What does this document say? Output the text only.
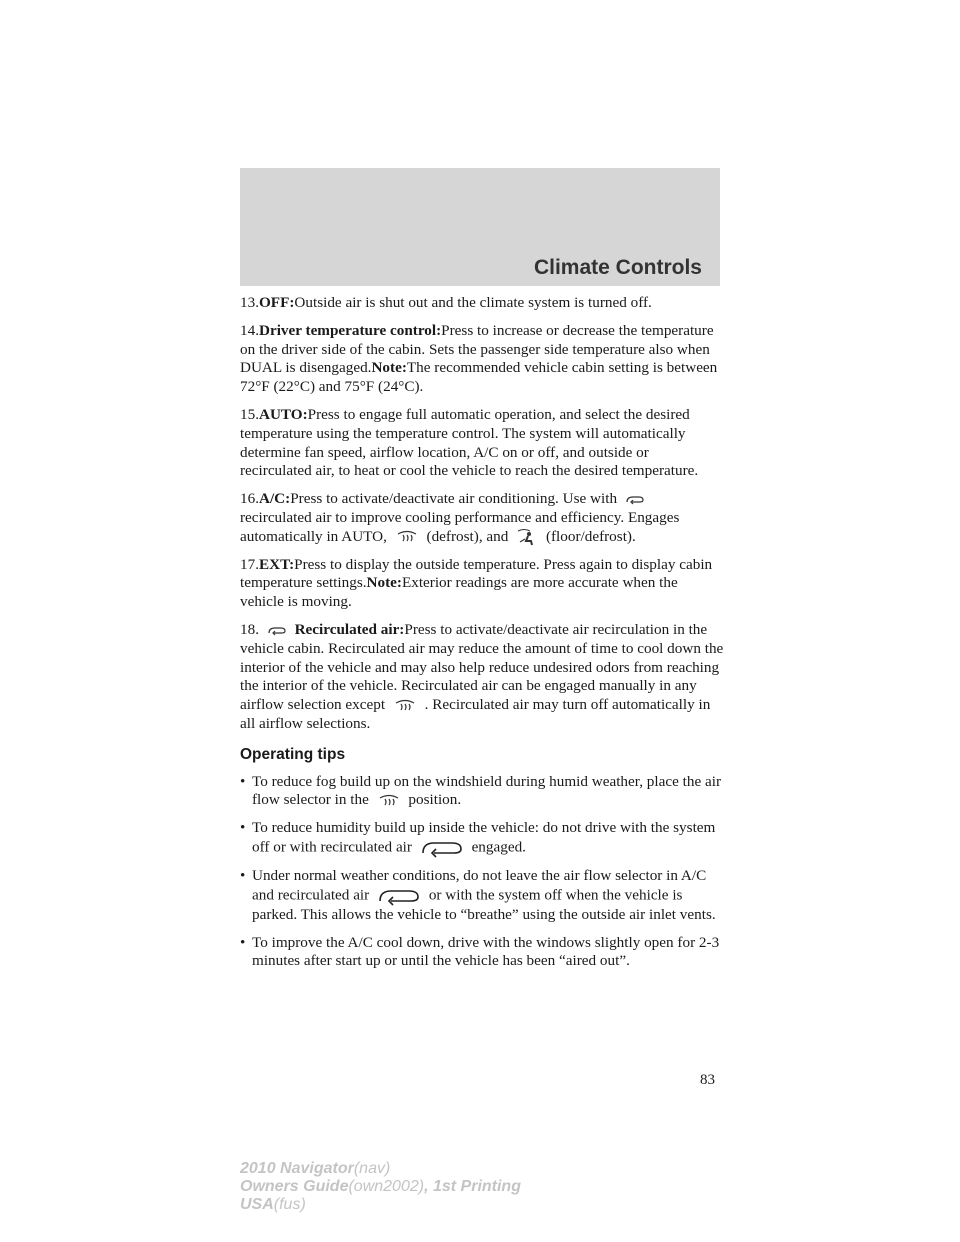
Climate Controls

13.OFF:Outside air is shut out and the climate system is turned off.

14.Driver temperature control:Press to increase or decrease the temperature on the driver side of the cabin. Sets the passenger side temperature also when DUAL is disengaged.Note:The recommended vehicle cabin setting is between 72°F (22°C) and 75°F (24°C).

15.AUTO:Press to engage full automatic operation, and select the desired temperature using the temperature control. The system will automatically determine fan speed, airflow location, A/C on or off, and outside or recirculated air, to heat or cool the vehicle to reach the desired temperature.

16.A/C:Press to activate/deactivate air conditioning. Use with
recirculated air to improve cooling performance and efficiency. Engages automatically in AUTO,	(defrost), and (floor/defrost).

17.EXT:Press to display the outside temperature. Press again to display cabin temperature settings.Note:Exterior readings are more accurate when the vehicle is moving.

18. Recirculated air:Press to activate/deactivate air recirculation in the vehicle cabin. Recirculated air may reduce the amount of time to cool down the interior of the vehicle and may also help reduce undesired odors from reaching the interior of the vehicle. Recirculated air can be engaged manually in any airflow selection except	. Recirculated air may turn off automatically in all airflow selections.

Operating tips
• To reduce fog build up on the windshield during humid weather, place the air flow selector in the	position.
• To reduce humidity build up inside the vehicle: do not drive with the system off or with recirculated air	engaged.
• Under normal weather conditions, do not leave the air flow selector in A/C and recirculated air	or with the system off when the vehicle is parked. This allows the vehicle to “breathe” using the outside air inlet vents.
• To improve the A/C cool down, drive with the windows slightly open for 2-3 minutes after start up or until the vehicle has been “aired out”.
83
2010 Navigator(nav)
Owners Guide(own2002), 1st Printing
USA(fus)
